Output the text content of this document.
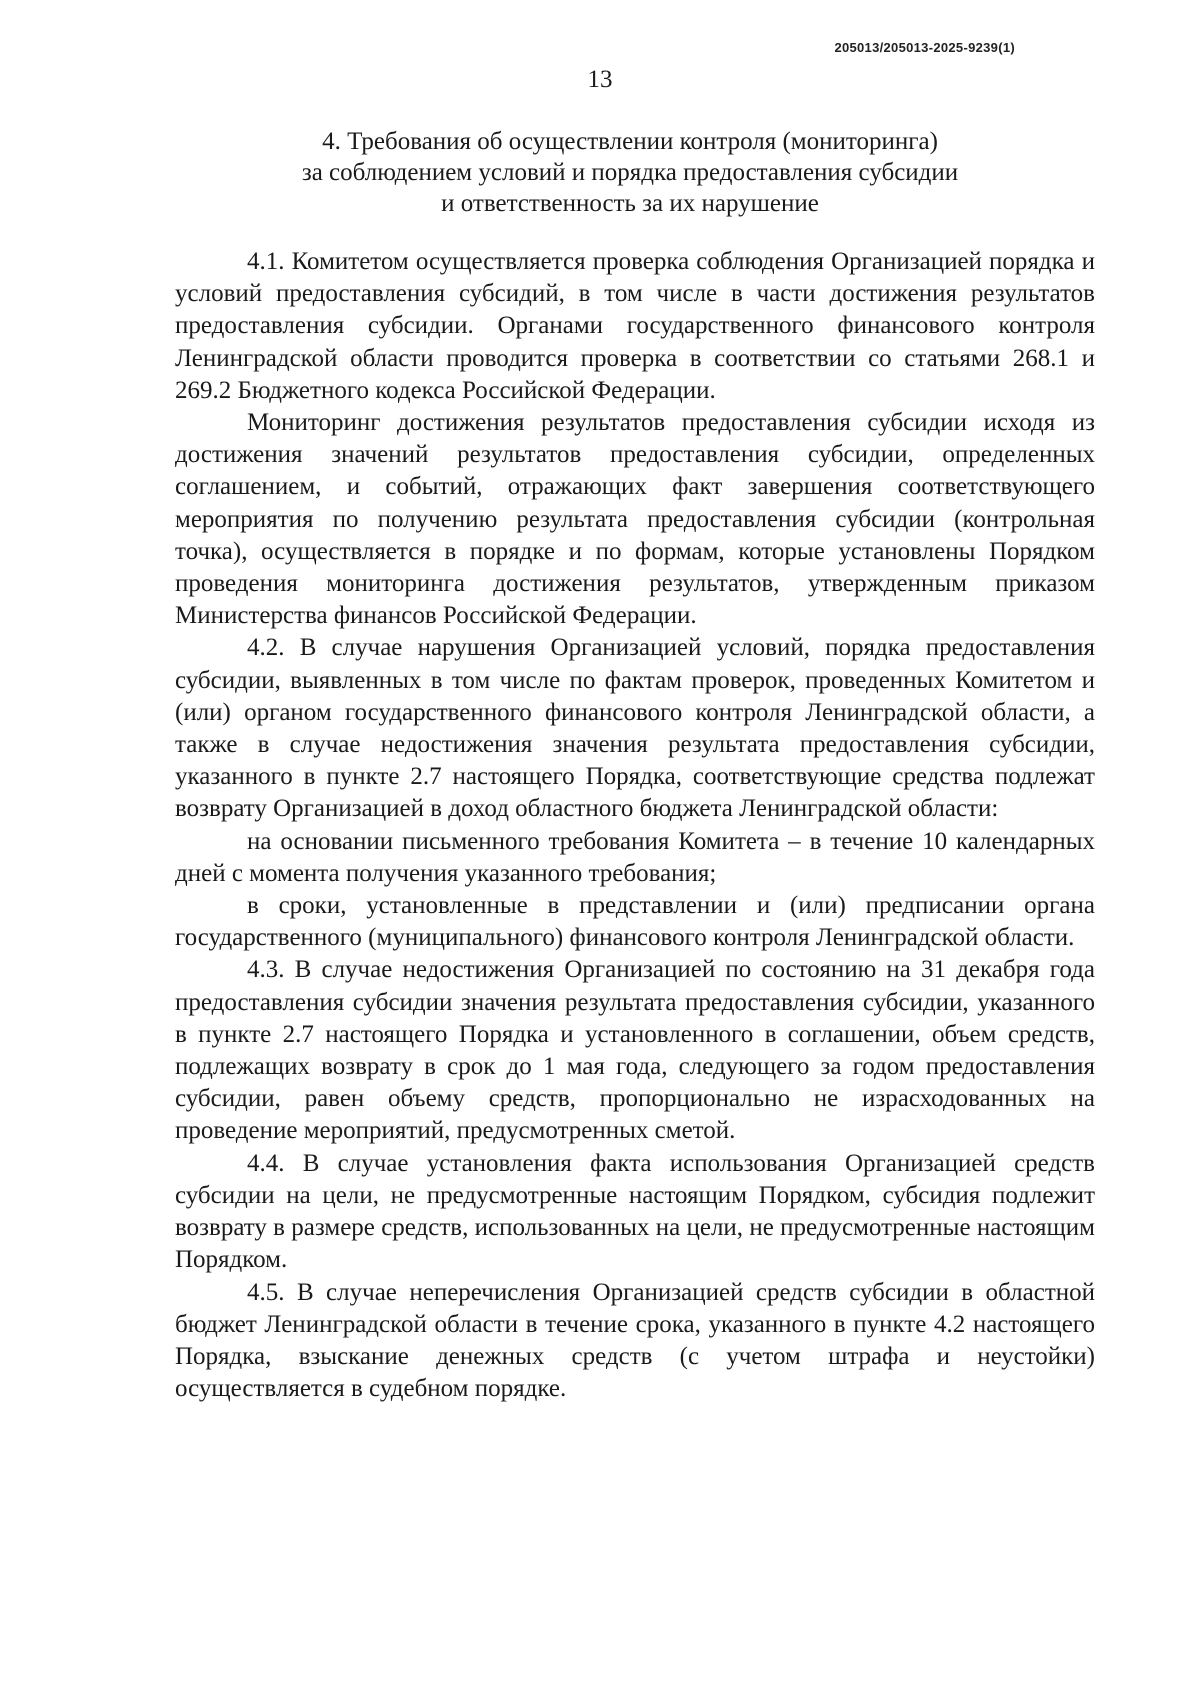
205013/205013-2025-9239(1)
13
4. Требования об осуществлении контроля (мониторинга)
за соблюдением условий и порядка предоставления субсидии
и ответственность за их нарушение

4.1. Комитетом осуществляется проверка соблюдения Организацией порядка и условий предоставления субсидий, в том числе в части достижения результатов предоставления субсидии. Органами государственного финансового контроля Ленинградской области проводится проверка в соответствии со статьями 268.1 и 269.2 Бюджетного кодекса Российской Федерации.

Мониторинг достижения результатов предоставления субсидии исходя из достижения значений результатов предоставления субсидии, определенных соглашением, и событий, отражающих факт завершения соответствующего мероприятия по получению результата предоставления субсидии (контрольная точка), осуществляется в порядке и по формам, которые установлены Порядком проведения мониторинга достижения результатов, утвержденным приказом Министерства финансов Российской Федерации.

4.2. В случае нарушения Организацией условий, порядка предоставления субсидии, выявленных в том числе по фактам проверок, проведенных Комитетом и (или) органом государственного финансового контроля Ленинградской области, а также в случае недостижения значения результата предоставления субсидии, указанного в пункте 2.7 настоящего Порядка, соответствующие средства подлежат возврату Организацией в доход областного бюджета Ленинградской области:

на основании письменного требования Комитета – в течение 10 календарных дней с момента получения указанного требования;

в сроки, установленные в представлении и (или) предписании органа государственного (муниципального) финансового контроля Ленинградской области.

4.3. В случае недостижения Организацией по состоянию на 31 декабря года предоставления субсидии значения результата предоставления субсидии, указанного в пункте 2.7 настоящего Порядка и установленного в соглашении, объем средств, подлежащих возврату в срок до 1 мая года, следующего за годом предоставления субсидии, равен объему средств, пропорционально не израсходованных на проведение мероприятий, предусмотренных сметой.

4.4. В случае установления факта использования Организацией средств субсидии на цели, не предусмотренные настоящим Порядком, субсидия подлежит возврату в размере средств, использованных на цели, не предусмотренные настоящим Порядком.

4.5. В случае неперечисления Организацией средств субсидии в областной бюджет Ленинградской области в течение срока, указанного в пункте 4.2 настоящего Порядка, взыскание денежных средств (с учетом штрафа и неустойки) осуществляется в судебном порядке.
